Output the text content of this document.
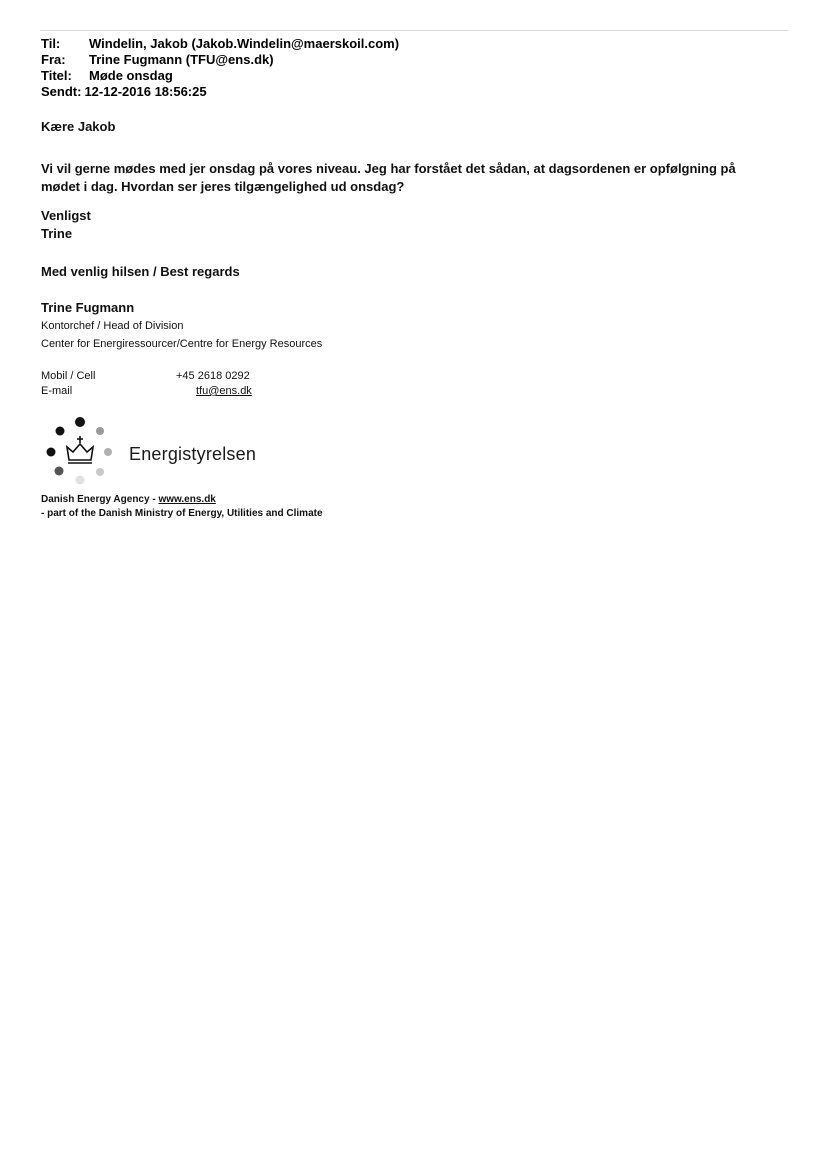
Til:	Windelin, Jakob (Jakob.Windelin@maerskoil.com)
Fra:	Trine Fugmann (TFU@ens.dk)
Titel:	Møde onsdag
Sendt: 12-12-2016 18:56:25
Kære Jakob
Vi vil gerne mødes med jer onsdag på vores niveau. Jeg har forstået det sådan, at dagsordenen er opfølgning på mødet i dag. Hvordan ser jeres tilgængelighed ud onsdag?
Venligst
Trine
Med venlig hilsen / Best regards
Trine Fugmann
Kontorchef / Head of Division
Center for Energiressourcer/Centre for Energy Resources
Mobil / Cell	+45 2618 0292
E-mail	tfu@ens.dk
Energistyrelsen
Danish Energy Agency - www.ens.dk
- part of the Danish Ministry of Energy, Utilities and Climate
